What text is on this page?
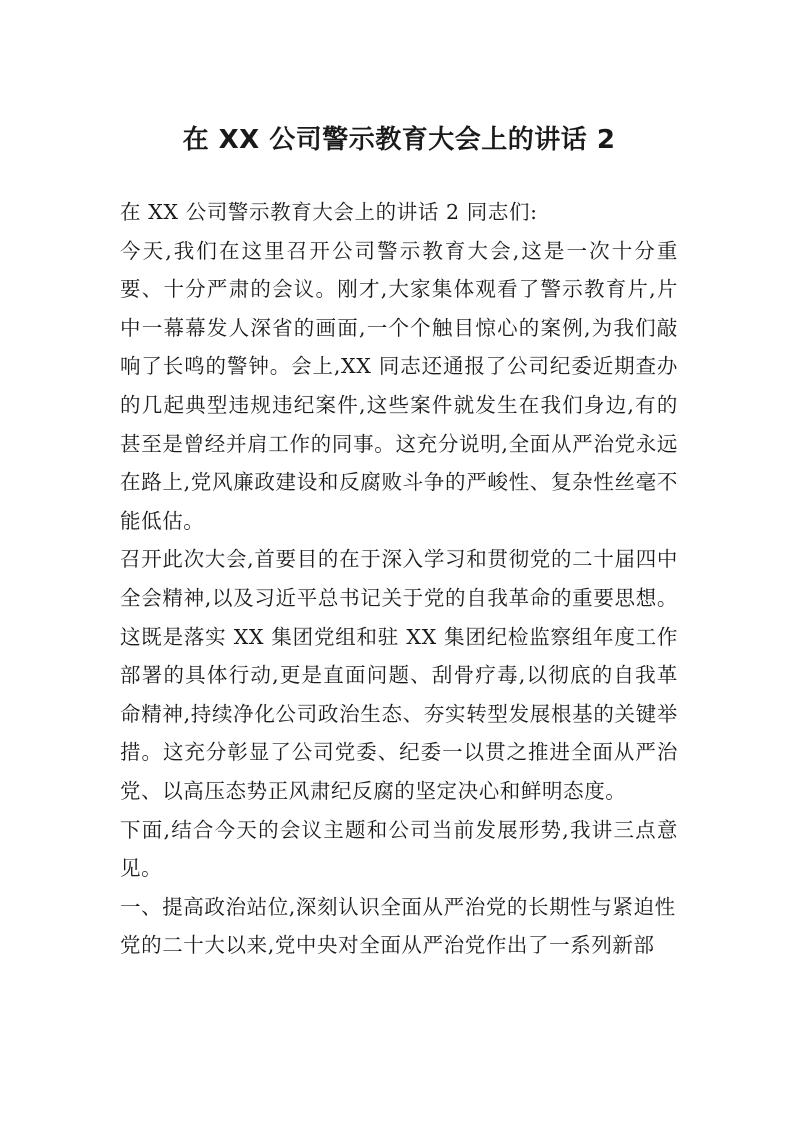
在 XX 公司警示教育大会上的讲话 2

在 XX 公司警示教育大会上的讲话 2 同志们:

今天,我们在这里召开公司警示教育大会,这是一次十分重要、十分严肃的会议。刚才,大家集体观看了警示教育片,片中一幕幕发人深省的画面,一个个触目惊心的案例,为我们敲响了长鸣的警钟。会上,XX 同志还通报了公司纪委近期查办的几起典型违规违纪案件,这些案件就发生在我们身边,有的甚至是曾经并肩工作的同事。这充分说明,全面从严治党永远在路上,党风廉政建设和反腐败斗争的严峻性、复杂性丝毫不能低估。

召开此次大会,首要目的在于深入学习和贯彻党的二十届四中全会精神,以及习近平总书记关于党的自我革命的重要思想。这既是落实 XX 集团党组和驻 XX 集团纪检监察组年度工作部署的具体行动,更是直面问题、刮骨疗毒,以彻底的自我革命精神,持续净化公司政治生态、夯实转型发展根基的关键举措。这充分彰显了公司党委、纪委一以贯之推进全面从严治党、以高压态势正风肃纪反腐的坚定决心和鲜明态度。

下面,结合今天的会议主题和公司当前发展形势,我讲三点意见。

一、提高政治站位,深刻认识全面从严治党的长期性与紧迫性

党的二十大以来,党中央对全面从严治党作出了一系列新部
